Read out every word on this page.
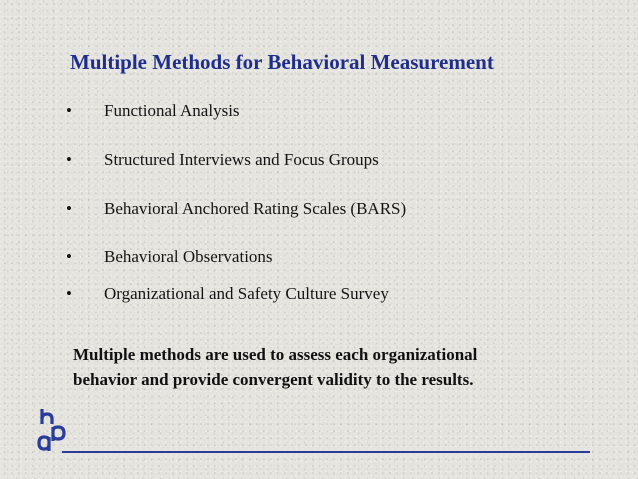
Multiple Methods for Behavioral Measurement
•	Functional Analysis
•	Structured Interviews and Focus Groups
•	Behavioral Anchored Rating Scales (BARS)
•	Behavioral Observations
•	Organizational and Safety Culture Survey

Multiple methods are used to assess each organizational
behavior and provide convergent validity to the results.
